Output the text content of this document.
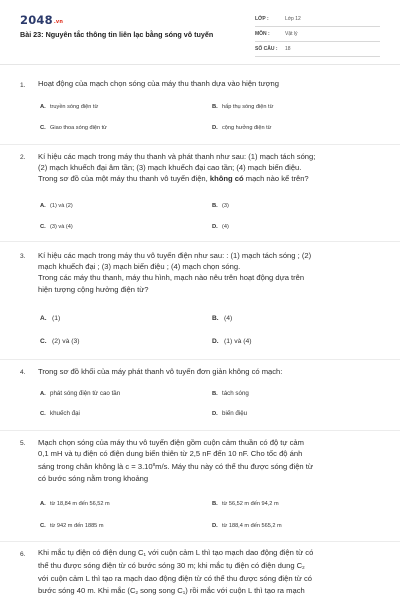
2048.vn
Bài 23: Nguyên tắc thông tin liên lạc bằng sóng vô tuyến
LỚP :	Lớp 12
MÔN :	Vật lý
SỐ CÂU : 18
1. Hoạt động của mạch chọn sóng của máy thu thanh dựa vào hiện tượng
A. truyền sóng điện từ	B. hấp thụ sóng điện từ
C. Giao thoa sóng điện từ	D. cộng hưởng điện từ
2. Kí hiệu các mạch trong máy thu thanh và phát thanh như sau: (1) mạch tách sóng;
(2) mạch khuếch đại âm tần; (3) mạch khuếch đại cao tần; (4) mạch biến điệu.
Trong sơ đồ của một máy thu thanh vô tuyến điện, không có mạch nào kể trên?
A. (1) và (2)	B. (3)
C. (3) và (4)	D. (4)
3. Kí hiệu các mạch trong máy thu vô tuyến điện như sau: : (1) mạch tách sóng ; (2)
mạch khuếch đại ; (3) mạch biến điệu ; (4) mạch chọn sóng.
Trong các máy thu thanh, máy thu hình, mạch nào nêu trên hoạt động dựa trên
hiện tượng cộng hưởng điện từ?
A. (1)	B. (4)
C. (2) và (3)	D. (1) và (4)
4. Trong sơ đồ khối của máy phát thanh vô tuyến đơn giản không có mạch:
A. phát sóng điện từ cao tần	B. tách sóng
C. khuếch đại	D. biến điệu
5. Mạch chọn sóng của máy thu vô tuyến điện gồm cuộn cảm thuần có độ tự cảm
0,1 mH và tụ điện có điện dung biến thiên từ 2,5 nF đến 10 nF. Cho tốc độ ánh
sáng trong chân không là $c = 3.10^8m/s$. Máy thu này có thể thu được sóng điện từ
có bước sóng nằm trong khoảng
A. từ 18,84 m đến 56,52 m	B. từ 56,52 m đến 94,2 m
C. từ 942 m đến 1885 m	D. từ 188,4 m đến 565,2 m
6. Khi mắc tụ điện có điện dung $C_1$ với cuộn cảm L thì tạo mạch dao động điện từ có
thể thu được sóng điện từ có bước sóng 30 m; khi mắc tụ điện có điện dung $C_2$
với cuộn cảm L thì tạo ra mạch dao động điện từ có thể thu được sóng điện từ có
bước sóng 40 m. Khi mắc ($C_2$ song song $C_1$) rồi mắc với cuộn L thì tạo ra mạch
